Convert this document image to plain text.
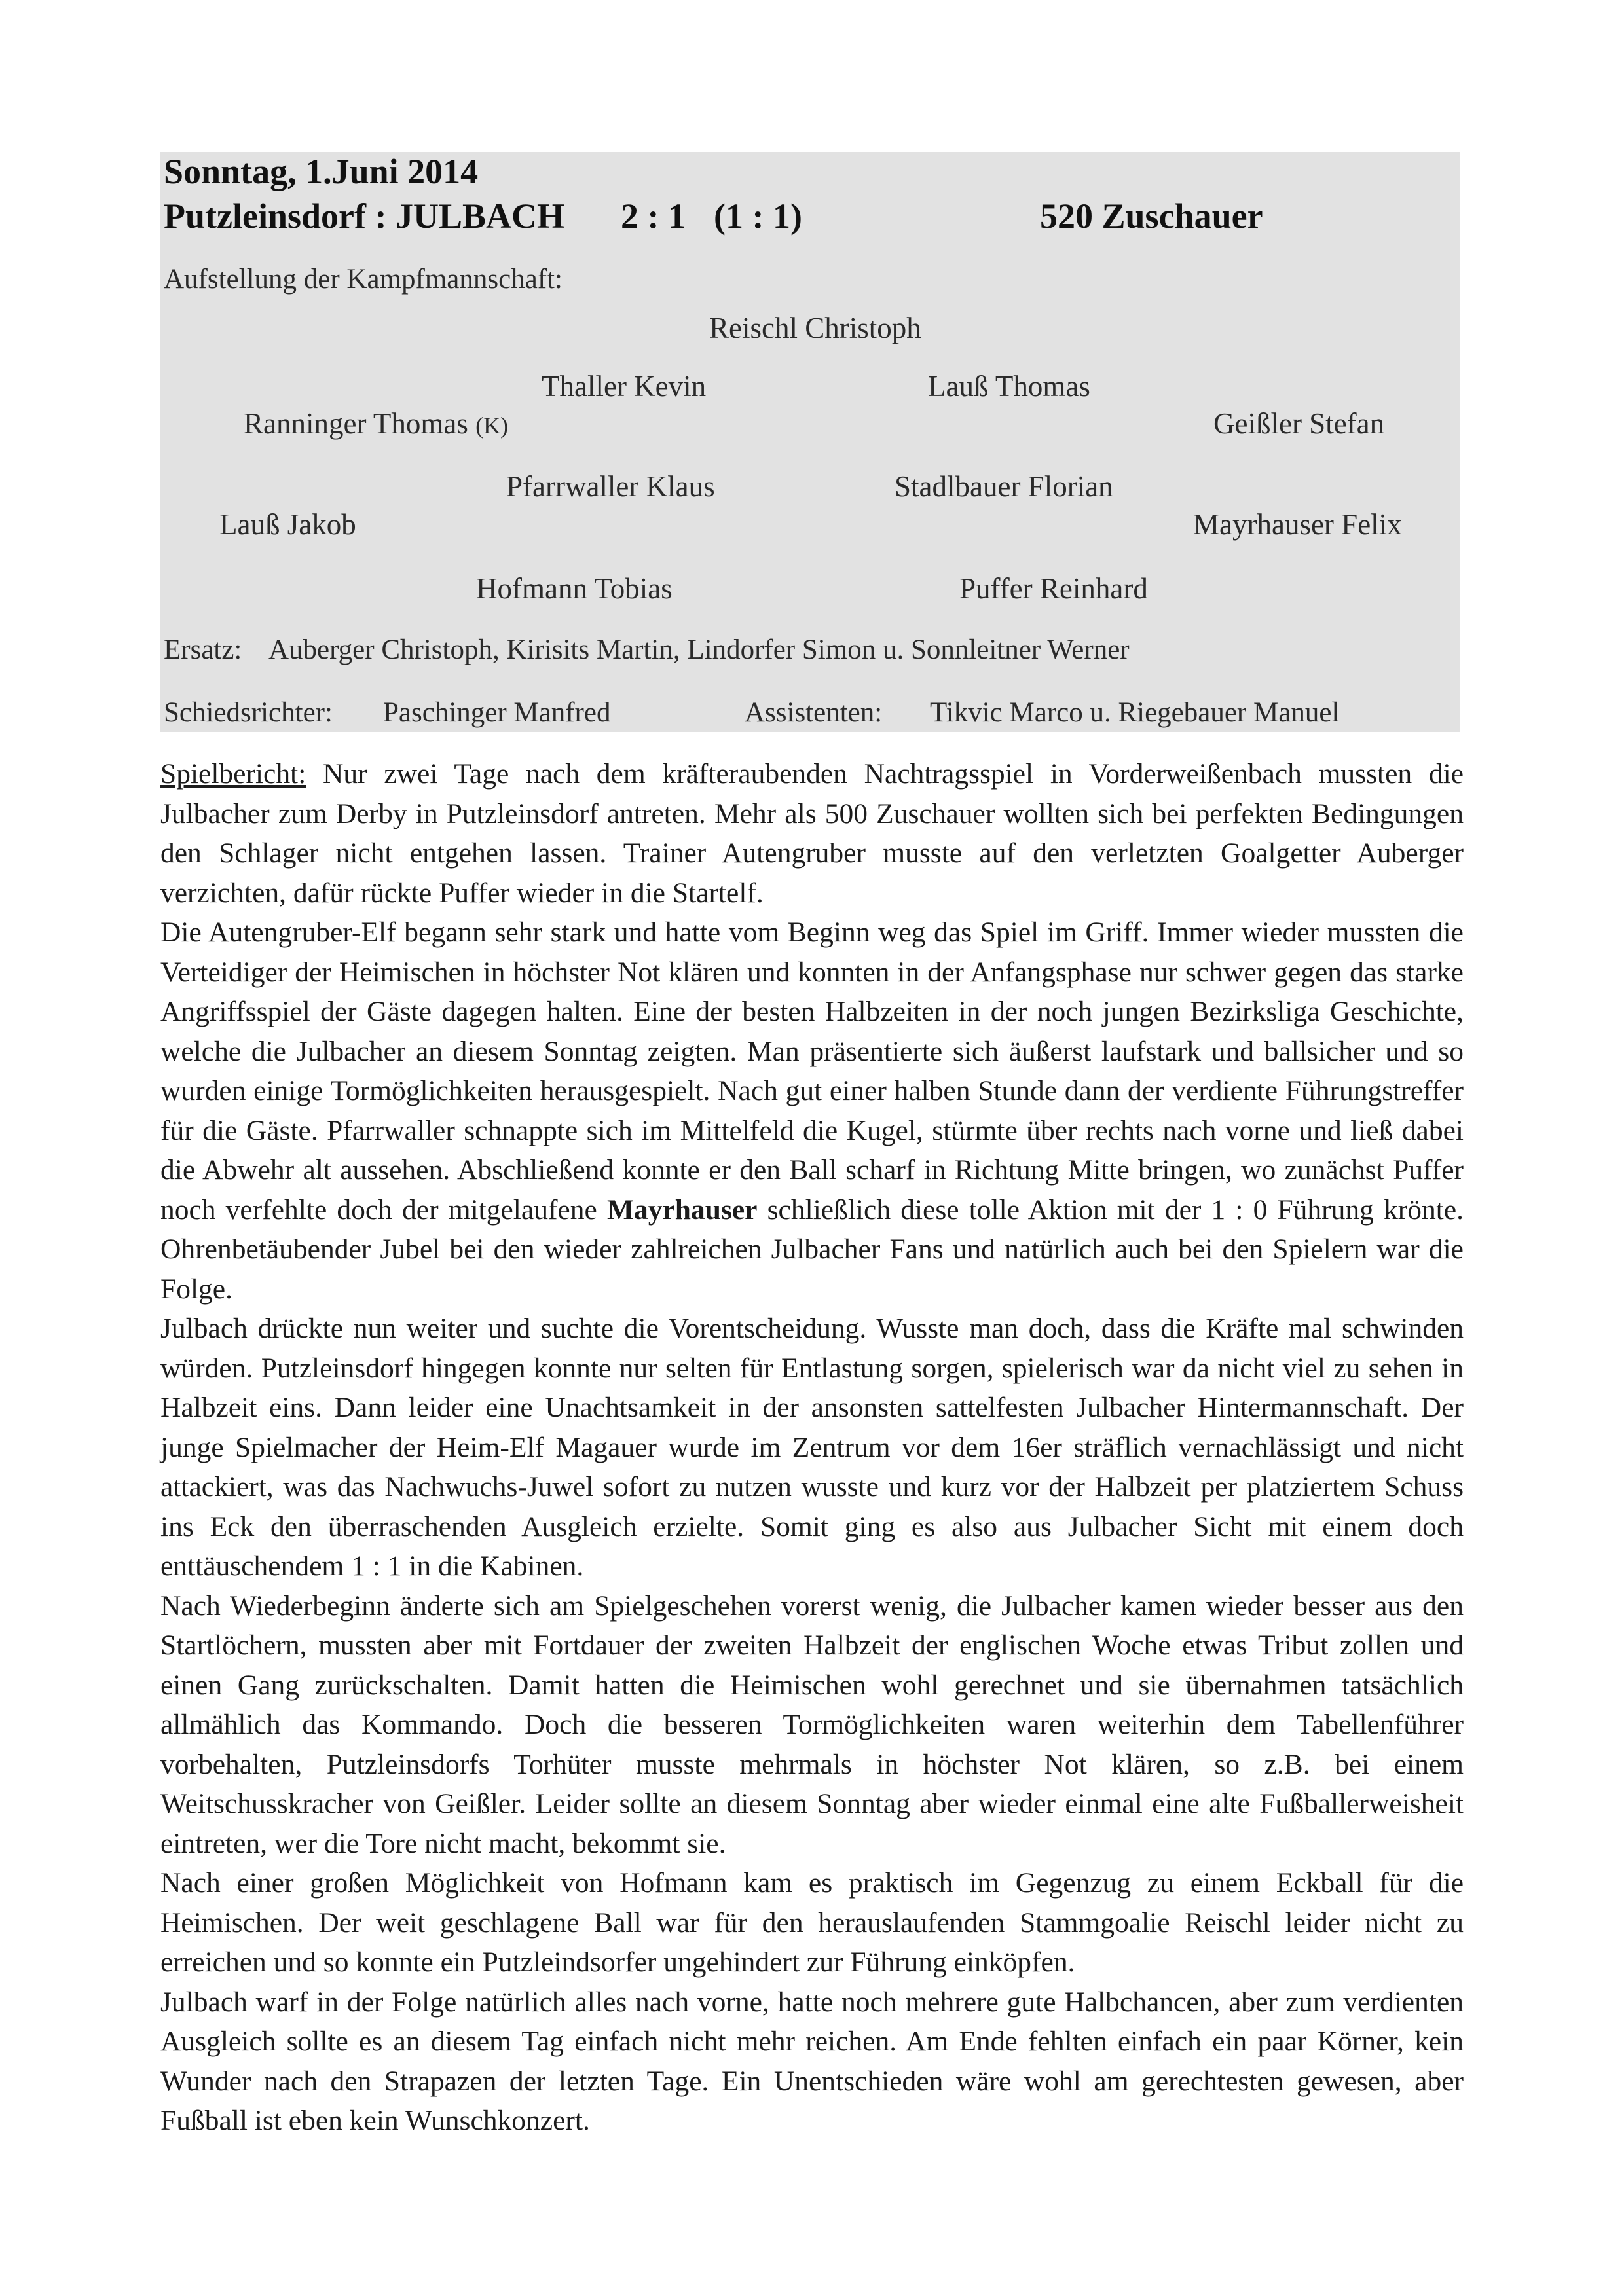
Sonntag, 1.Juni 2014
Putzleinsdorf : JULBACH 2 : 1 (1 : 1)	520 Zuschauer
Aufstellung der Kampfmannschaft:
Reischl Christoph
Thaller Kevin	Lauß Thomas
Ranninger Thomas (K)	Geißler Stefan
Pfarrwaller Klaus	Stadlbauer Florian
Lauß Jakob	Mayrhauser Felix
Hofmann Tobias	Puffer Reinhard
Ersatz: Auberger Christoph, Kirisits Martin, Lindorfer Simon u. Sonnleitner Werner
Schiedsrichter: Paschinger Manfred	Assistenten: Tikvic Marco u. Riegebauer Manuel

Spielbericht: Nur zwei Tage nach dem kräfteraubenden Nachtragsspiel in Vorderweißenbach mussten die Julbacher zum Derby in Putzleinsdorf antreten. Mehr als 500 Zuschauer wollten sich bei perfekten Bedingungen den Schlager nicht entgehen lassen. Trainer Autengruber musste auf den verletzten Goalgetter Auberger verzichten, dafür rückte Puffer wieder in die Startelf.

Die Autengruber-Elf begann sehr stark und hatte vom Beginn weg das Spiel im Griff. Immer wieder mussten die Verteidiger der Heimischen in höchster Not klären und konnten in der Anfangsphase nur schwer gegen das starke Angriffsspiel der Gäste dagegen halten. Eine der besten Halbzeiten in der noch jungen Bezirksliga Geschichte, welche die Julbacher an diesem Sonntag zeigten. Man präsentierte sich äußerst laufstark und ballsicher und so wurden einige Tormöglichkeiten herausgespielt. Nach gut einer halben Stunde dann der verdiente Führungstreffer für die Gäste. Pfarrwaller schnappte sich im Mittelfeld die Kugel, stürmte über rechts nach vorne und ließ dabei die Abwehr alt aussehen. Abschließend konnte er den Ball scharf in Richtung Mitte bringen, wo zunächst Puffer noch verfehlte doch der mitgelaufene Mayrhauser schließlich diese tolle Aktion mit der 1 : 0 Führung krönte. Ohrenbetäubender Jubel bei den wieder zahlreichen Julbacher Fans und natürlich auch bei den Spielern war die Folge.

Julbach drückte nun weiter und suchte die Vorentscheidung. Wusste man doch, dass die Kräfte mal schwinden würden. Putzleinsdorf hingegen konnte nur selten für Entlastung sorgen, spielerisch war da nicht viel zu sehen in Halbzeit eins. Dann leider eine Unachtsamkeit in der ansonsten sattelfesten Julbacher Hintermannschaft. Der junge Spielmacher der Heim-Elf Magauer wurde im Zentrum vor dem 16er sträflich vernachlässigt und nicht attackiert, was das Nachwuchs-Juwel sofort zu nutzen wusste und kurz vor der Halbzeit per platziertem Schuss ins Eck den überraschenden Ausgleich erzielte. Somit ging es also aus Julbacher Sicht mit einem doch enttäuschendem 1 : 1 in die Kabinen.

Nach Wiederbeginn änderte sich am Spielgeschehen vorerst wenig, die Julbacher kamen wieder besser aus den Startlöchern, mussten aber mit Fortdauer der zweiten Halbzeit der englischen Woche etwas Tribut zollen und einen Gang zurückschalten. Damit hatten die Heimischen wohl gerechnet und sie übernahmen tatsächlich allmählich das Kommando. Doch die besseren Tormöglichkeiten waren weiterhin dem Tabellenführer vorbehalten, Putzleinsdorfs Torhüter musste mehrmals in höchster Not klären, so z.B. bei einem Weitschusskracher von Geißler. Leider sollte an diesem Sonntag aber wieder einmal eine alte Fußballerweisheit eintreten, wer die Tore nicht macht, bekommt sie.

Nach einer großen Möglichkeit von Hofmann kam es praktisch im Gegenzug zu einem Eckball für die Heimischen. Der weit geschlagene Ball war für den herauslaufenden Stammgoalie Reischl leider nicht zu erreichen und so konnte ein Putzleindsorfer ungehindert zur Führung einköpfen.

Julbach warf in der Folge natürlich alles nach vorne, hatte noch mehrere gute Halbchancen, aber zum verdienten Ausgleich sollte es an diesem Tag einfach nicht mehr reichen. Am Ende fehlten einfach ein paar Körner, kein Wunder nach den Strapazen der letzten Tage. Ein Unentschieden wäre wohl am gerechtesten gewesen, aber Fußball ist eben kein Wunschkonzert.
